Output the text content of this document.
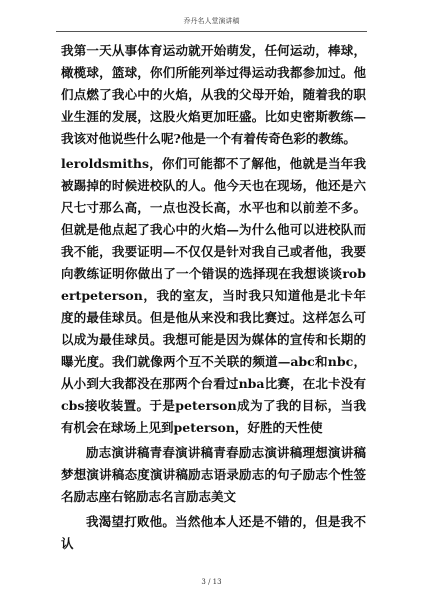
乔丹名人堂演讲稿

我第一天从事体育运动就开始萌发，任何运动，棒球，橄榄球，篮球，你们所能列举过得运动我都参加过。他们点燃了我心中的火焰，从我的父母开始，随着我的职业生涯的发展，这股火焰更加旺盛。比如史密斯教练—我该对他说些什么呢?他是一个有着传奇色彩的教练。

leroldsmiths，你们可能都不了解他，他就是当年我被踢掉的时候进校队的人。他今天也在现场，他还是六尺七寸那么高，一点也没长高，水平也和以前差不多。但就是他点起了我心中的火焰—为什么他可以进校队而我不能，我要证明—不仅仅是针对我自己或者他，我要向教练证明你做出了一个错误的选择现在我想谈谈robertpeterson，我的室友，当时我只知道他是北卡年度的最佳球员。但是他从来没和我比赛过。这样怎么可以成为最佳球员。我想可能是因为媒体的宣传和长期的曝光度。我们就像两个互不关联的频道—abc和nbc，从小到大我都没在那两个台看过nba比赛，在北卡没有cbs接收装置。于是peterson成为了我的目标，当我有机会在球场上见到peterson，好胜的天性使

励志演讲稿青春演讲稿青春励志演讲稿理想演讲稿梦想演讲稿态度演讲稿励志语录励志的句子励志个性签名励志座右铭励志名言励志美文

我渴望打败他。当然他本人还是不错的，但是我不认

3 / 13
